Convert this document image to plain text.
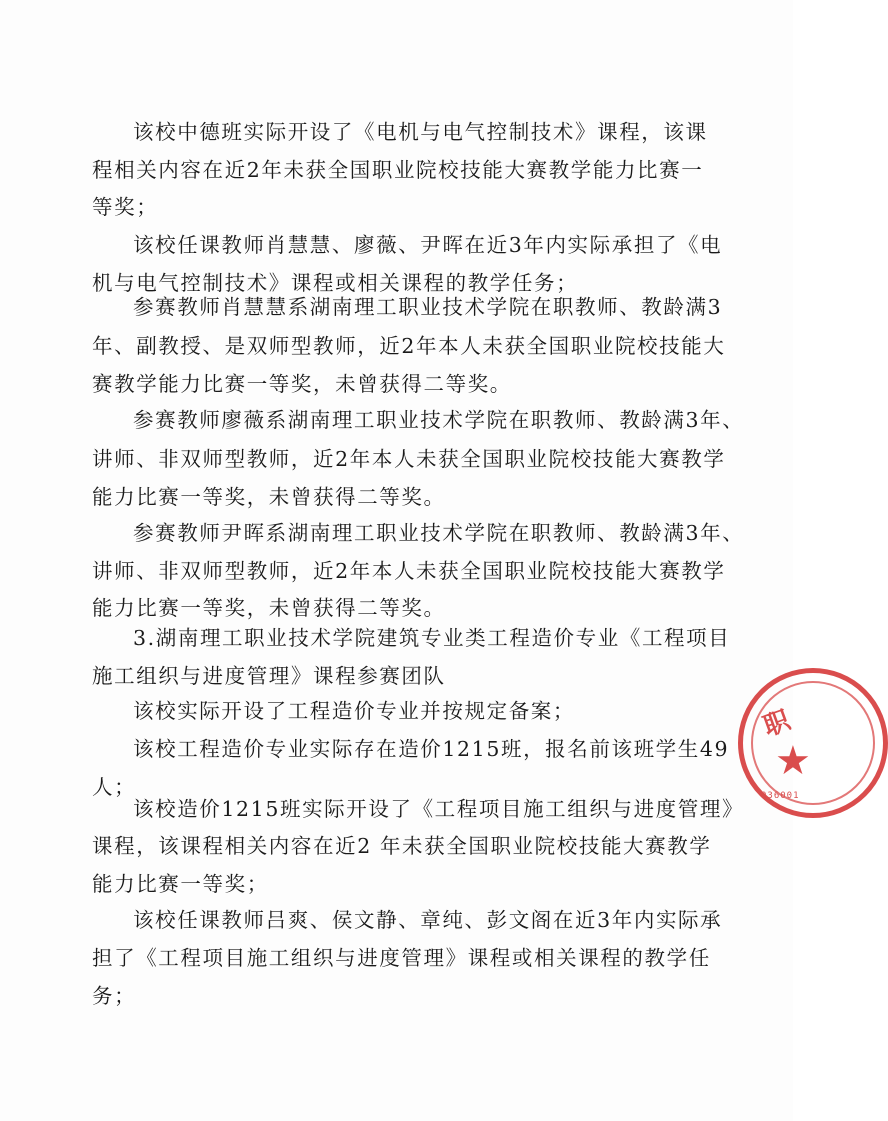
该校中德班实际开设了《电机与电气控制技术》课程，该课
程相关内容在近2年未获全国职业院校技能大赛教学能力比赛一
等奖；
该校任课教师肖慧慧、廖薇、尹晖在近3年内实际承担了《电
机与电气控制技术》课程或相关课程的教学任务；
参赛教师肖慧慧系湖南理工职业技术学院在职教师、教龄满3
年、副教授、是双师型教师，近2年本人未获全国职业院校技能大
赛教学能力比赛一等奖，未曾获得二等奖。
参赛教师廖薇系湖南理工职业技术学院在职教师、教龄满3年、
讲师、非双师型教师，近2年本人未获全国职业院校技能大赛教学
能力比赛一等奖，未曾获得二等奖。
参赛教师尹晖系湖南理工职业技术学院在职教师、教龄满3年、
讲师、非双师型教师，近2年本人未获全国职业院校技能大赛教学
能力比赛一等奖，未曾获得二等奖。
3.湖南理工职业技术学院建筑专业类工程造价专业《工程项目
施工组织与进度管理》课程参赛团队
该校实际开设了工程造价专业并按规定备案；
该校工程造价专业实际存在造价1215班，报名前该班学生49
人；
该校造价1215班实际开设了《工程项目施工组织与进度管理》
课程，该课程相关内容在近2 年未获全国职业院校技能大赛教学
能力比赛一等奖；
该校任课教师吕爽、侯文静、章纯、彭文阁在近3年内实际承
担了《工程项目施工组织与进度管理》课程或相关课程的教学任
务；
职
★
036001
